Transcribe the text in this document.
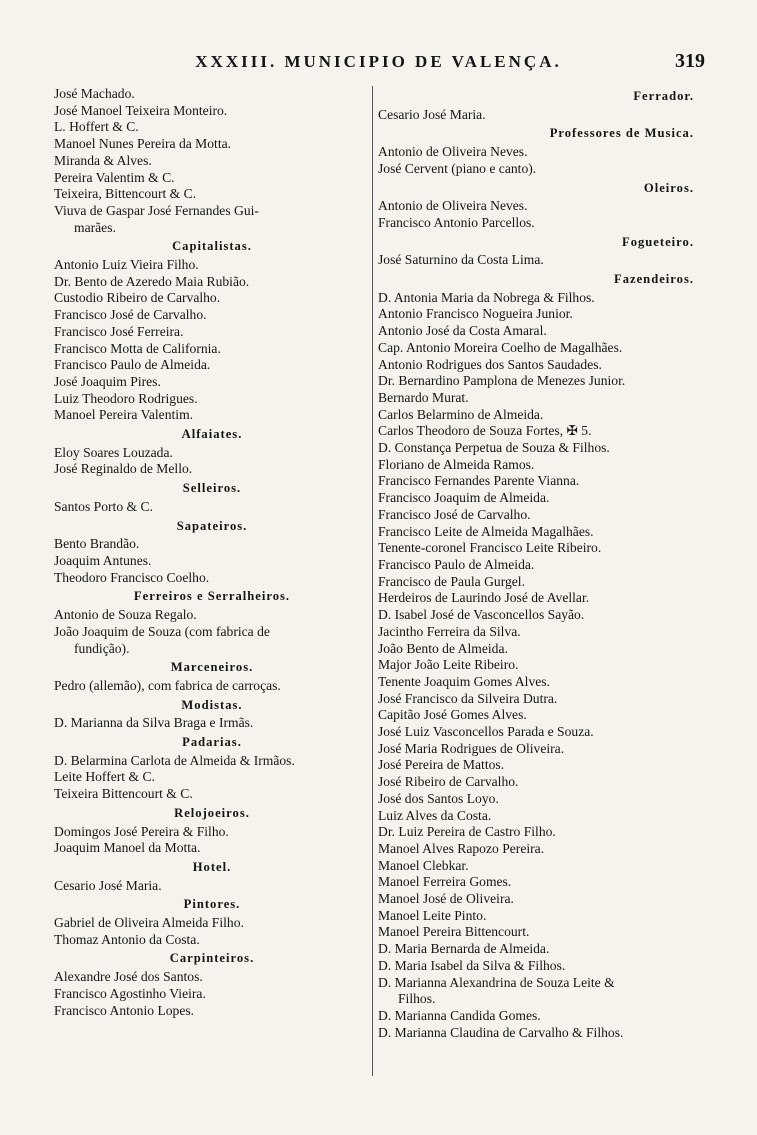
XXXIII. MUNICIPIO DE VALENÇA.	319
José Machado.
José Manoel Teixeira Monteiro.
L. Hoffert & C.
Manoel Nunes Pereira da Motta.
Miranda & Alves.
Pereira Valentim & C.
Teixeira, Bittencourt & C.
Viuva de Gaspar José Fernandes Gui-
marães.
Capitalistas.
Antonio Luiz Vieira Filho.
Dr. Bento de Azeredo Maia Rubião.
Custodio Ribeiro de Carvalho.
Francisco José de Carvalho.
Francisco José Ferreira.
Francisco Motta de California.
Francisco Paulo de Almeida.
José Joaquim Pires.
Luiz Theodoro Rodrigues.
Manoel Pereira Valentim.
Alfaiates.
Eloy Soares Louzada.
José Reginaldo de Mello.
Selleiros.
Santos Porto & C.
Sapateiros.
Bento Brandão.
Joaquim Antunes.
Theodoro Francisco Coelho.
Ferreiros e Serralheiros.
Antonio de Souza Regalo.
João Joaquim de Souza (com fabrica de
fundição).
Marceneiros.
Pedro (allemão), com fabrica de carroças.
Modistas.
D. Marianna da Silva Braga e Irmãs.
Padarias.
D. Belarmina Carlota de Almeida & Irmãos.
Leite Hoffert & C.
Teixeira Bittencourt & C.
Relojoeiros.
Domingos José Pereira & Filho.
Joaquim Manoel da Motta.
Hotel.
Cesario José Maria.
Pintores.
Gabriel de Oliveira Almeida Filho.
Thomaz Antonio da Costa.
Carpinteiros.
Alexandre José dos Santos.
Francisco Agostinho Vieira.
Francisco Antonio Lopes.
Ferrador.
Cesario José Maria.
Professores de Musica.
Antonio de Oliveira Neves.
José Cervent (piano e canto).
Oleiros.
Antonio de Oliveira Neves.
Francisco Antonio Parcellos.
Fogueteiro.
José Saturnino da Costa Lima.
Fazendeiros.
D. Antonia Maria da Nobrega & Filhos.
Antonio Francisco Nogueira Junior.
Antonio José da Costa Amaral.
Cap. Antonio Moreira Coelho de Magalhães.
Antonio Rodrigues dos Santos Saudades.
Dr. Bernardino Pamplona de Menezes Junior.
Bernardo Murat.
Carlos Belarmino de Almeida.
Carlos Theodoro de Souza Fortes, ✠ 5.
D. Constança Perpetua de Souza & Filhos.
Floriano de Almeida Ramos.
Francisco Fernandes Parente Vianna.
Francisco Joaquim de Almeida.
Francisco José de Carvalho.
Francisco Leite de Almeida Magalhães.
Tenente-coronel Francisco Leite Ribeiro.
Francisco Paulo de Almeida.
Francisco de Paula Gurgel.
Herdeiros de Laurindo José de Avellar.
D. Isabel José de Vasconcellos Sayão.
Jacintho Ferreira da Silva.
João Bento de Almeida.
Major João Leite Ribeiro.
Tenente Joaquim Gomes Alves.
José Francisco da Silveira Dutra.
Capitão José Gomes Alves.
José Luiz Vasconcellos Parada e Souza.
José Maria Rodrigues de Oliveira.
José Pereira de Mattos.
José Ribeiro de Carvalho.
José dos Santos Loyo.
Luiz Alves da Costa.
Dr. Luiz Pereira de Castro Filho.
Manoel Alves Rapozo Pereira.
Manoel Clebkar.
Manoel Ferreira Gomes.
Manoel José de Oliveira.
Manoel Leite Pinto.
Manoel Pereira Bittencourt.
D. Maria Bernarda de Almeida.
D. Maria Isabel da Silva & Filhos.
D. Marianna Alexandrina de Souza Leite &
Filhos.
D. Marianna Candida Gomes.
D. Marianna Claudina de Carvalho & Filhos.
